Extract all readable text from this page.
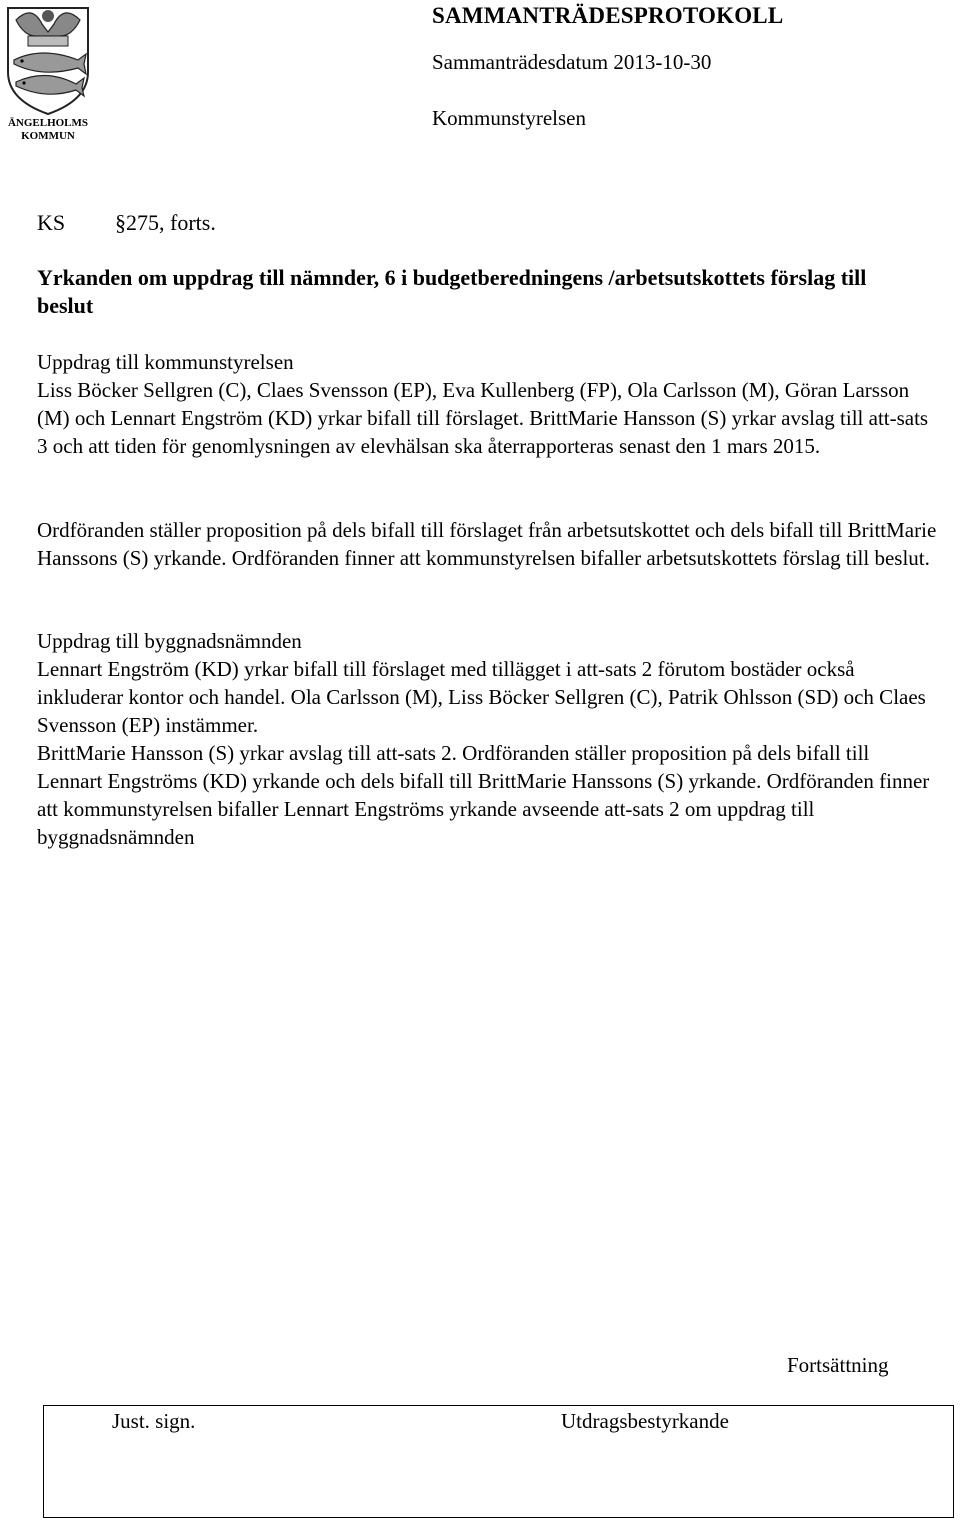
ÄNGELHOLMS
KOMMUN
SAMMANTRÄDESPROTOKOLL
Sammanträdesdatum 2013-10-30
Kommunstyrelsen
KS §275, forts.
Yrkanden om uppdrag till nämnder, 6 i budgetberedningens /arbetsutskottets förslag till beslut

Uppdrag till kommunstyrelsen

Liss Böcker Sellgren (C), Claes Svensson (EP), Eva Kullenberg (FP), Ola Carlsson (M), Göran Larsson (M) och Lennart Engström (KD) yrkar bifall till förslaget. BrittMarie Hansson (S) yrkar avslag till att-sats 3 och att tiden för genomlysningen av elevhälsan ska återrapporteras senast den 1 mars 2015.

Ordföranden ställer proposition på dels bifall till förslaget från arbetsutskottet och dels bifall till BrittMarie Hanssons (S) yrkande. Ordföranden finner att kommunstyrelsen bifaller arbetsutskottets förslag till beslut.

Uppdrag till byggnadsnämnden

Lennart Engström (KD) yrkar bifall till förslaget med tillägget i att-sats 2 förutom bostäder också inkluderar kontor och handel. Ola Carlsson (M), Liss Böcker Sellgren (C), Patrik Ohlsson (SD) och Claes Svensson (EP) instämmer.

BrittMarie Hansson (S) yrkar avslag till att-sats 2. Ordföranden ställer proposition på dels bifall till Lennart Engströms (KD) yrkande och dels bifall till BrittMarie Hanssons (S) yrkande. Ordföranden finner att kommunstyrelsen bifaller Lennart Engströms yrkande avseende att-sats 2 om uppdrag till byggnadsnämnden

Fortsättning
Just. sign.	Utdragsbestyrkande
